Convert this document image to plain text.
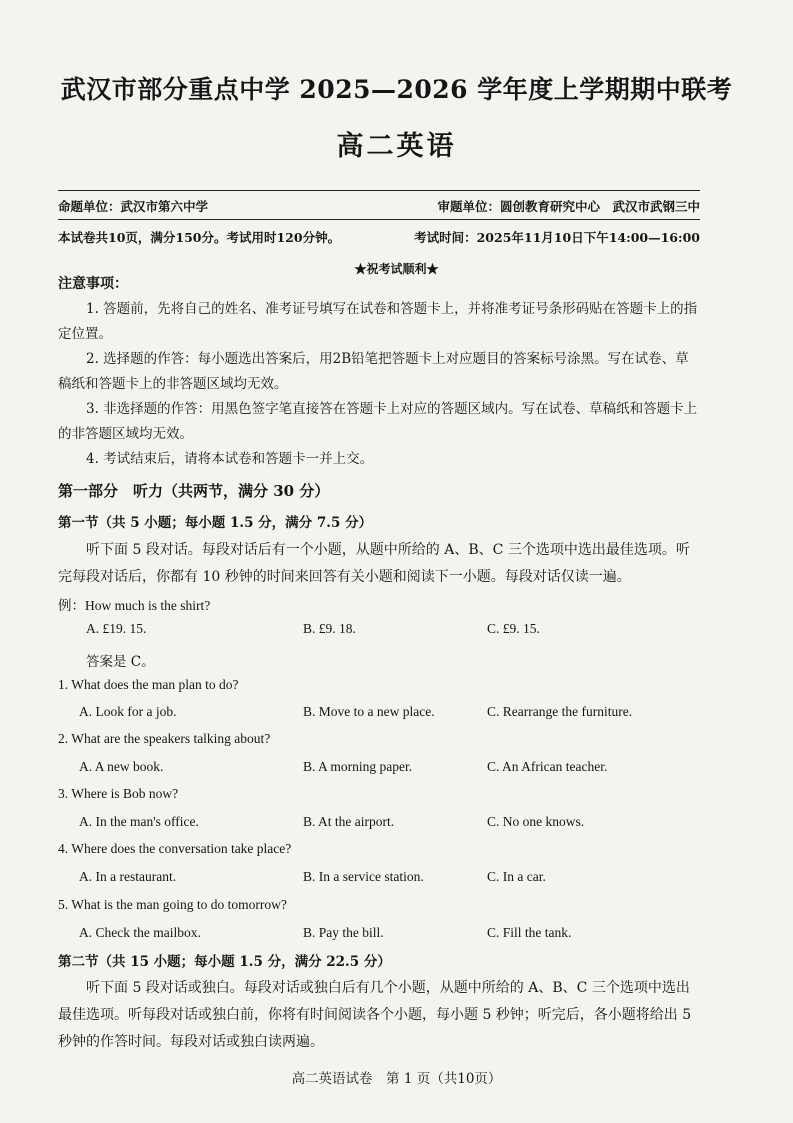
武汉市部分重点中学 2025—2026 学年度上学期期中联考
高二英语
命题单位：武汉市第六中学	审题单位：圆创教育研究中心　武汉市武钢三中
本试卷共10页，满分150分。考试用时120分钟。	考试时间：2025年11月10日下午14:00—16:00
★祝考试顺利★
注意事项：
1. 答题前，先将自己的姓名、准考证号填写在试卷和答题卡上，并将准考证号条形码贴在答题卡上的指定位置。
2. 选择题的作答：每小题选出答案后，用2B铅笔把答题卡上对应题目的答案标号涂黑。写在试卷、草稿纸和答题卡上的非答题区域均无效。
3. 非选择题的作答：用黑色签字笔直接答在答题卡上对应的答题区域内。写在试卷、草稿纸和答题卡上的非答题区域均无效。
4. 考试结束后，请将本试卷和答题卡一并上交。
第一部分　听力（共两节，满分 30 分）
第一节（共 5 小题；每小题 1.5 分，满分 7.5 分）
听下面 5 段对话。每段对话后有一个小题，从题中所给的 A、B、C 三个选项中选出最佳选项。听完每段对话后，你都有 10 秒钟的时间来回答有关小题和阅读下一小题。每段对话仅读一遍。
例：How much is the shirt?
A. £19. 15.	B. £9. 18.	C. £9. 15.
答案是 C。
1. What does the man plan to do?
A. Look for a job.	B. Move to a new place.	C. Rearrange the furniture.
2. What are the speakers talking about?
A. A new book.	B. A morning paper.	C. An African teacher.
3. Where is Bob now?
A. In the man's office.	B. At the airport.	C. No one knows.
4. Where does the conversation take place?
A. In a restaurant.	B. In a service station.	C. In a car.
5. What is the man going to do tomorrow?
A. Check the mailbox.	B. Pay the bill.	C. Fill the tank.
第二节（共 15 小题；每小题 1.5 分，满分 22.5 分）
听下面 5 段对话或独白。每段对话或独白后有几个小题，从题中所给的 A、B、C 三个选项中选出最佳选项。听每段对话或独白前，你将有时间阅读各个小题，每小题 5 秒钟；听完后，各小题将给出 5 秒钟的作答时间。每段对话或独白读两遍。
高二英语试卷　第 1 页（共10页）
